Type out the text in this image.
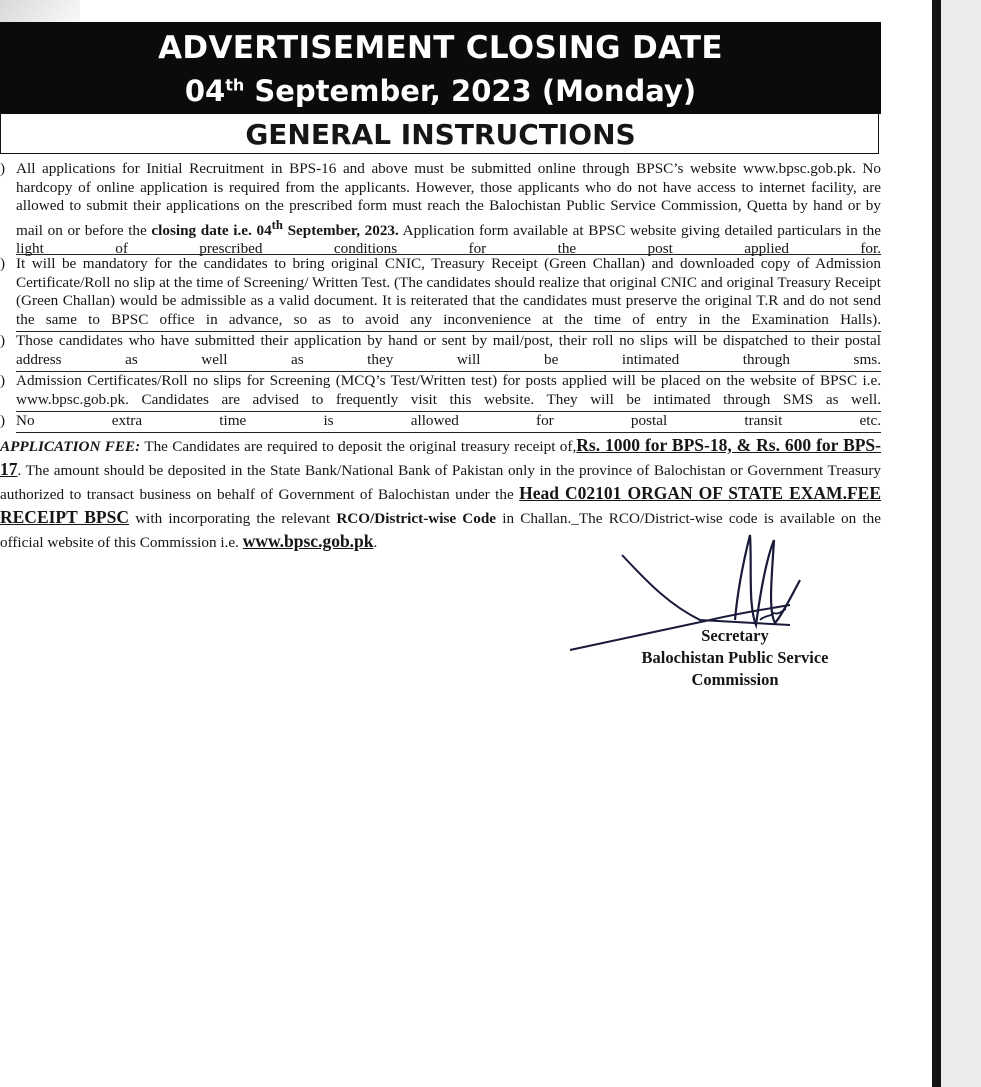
ADVERTISEMENT CLOSING DATE
04th September, 2023 (Monday)
GENERAL INSTRUCTIONS
) All applications for Initial Recruitment in BPS-16 and above must be submitted online through BPSC’s website www.bpsc.gob.pk. No hardcopy of online application is required from the applicants. However, those applicants who do not have access to internet facility, are allowed to submit their applications on the prescribed form must reach the Balochistan Public Service Commission, Quetta by hand or by mail on or before the closing date i.e. 04th September, 2023. Application form available at BPSC website giving detailed particulars in the light of prescribed conditions for the post applied for.
) It will be mandatory for the candidates to bring original CNIC, Treasury Receipt (Green Challan) and downloaded copy of Admission Certificate/Roll no slip at the time of Screening/ Written Test. (The candidates should realize that original CNIC and original Treasury Receipt (Green Challan) would be admissible as a valid document. It is reiterated that the candidates must preserve the original T.R and do not send the same to BPSC office in advance, so as to avoid any inconvenience at the time of entry in the Examination Halls).
) Those candidates who have submitted their application by hand or sent by mail/post, their roll no slips will be dispatched to their postal address as well as they will be intimated through sms.
) Admission Certificates/Roll no slips for Screening (MCQ’s Test/Written test) for posts applied will be placed on the website of BPSC i.e. www.bpsc.gob.pk. Candidates are advised to frequently visit this website. They will be intimated through SMS as well.
) No extra time is allowed for postal transit etc.
APPLICATION FEE: The Candidates are required to deposit the original treasury receipt of,Rs. 1000 for BPS-18, & Rs. 600 for BPS-17. The amount should be deposited in the State Bank/National Bank of Pakistan only in the province of Balochistan or Government Treasury authorized to transact business on behalf of Government of Balochistan under the Head C02101 ORGAN OF STATE EXAM.FEE RECEIPT BPSC with incorporating the relevant RCO/District-wise Code in Challan._The RCO/District-wise code is available on the official website of this Commission i.e. www.bpsc.gob.pk.
Secretary
Balochistan Public Service
Commission
